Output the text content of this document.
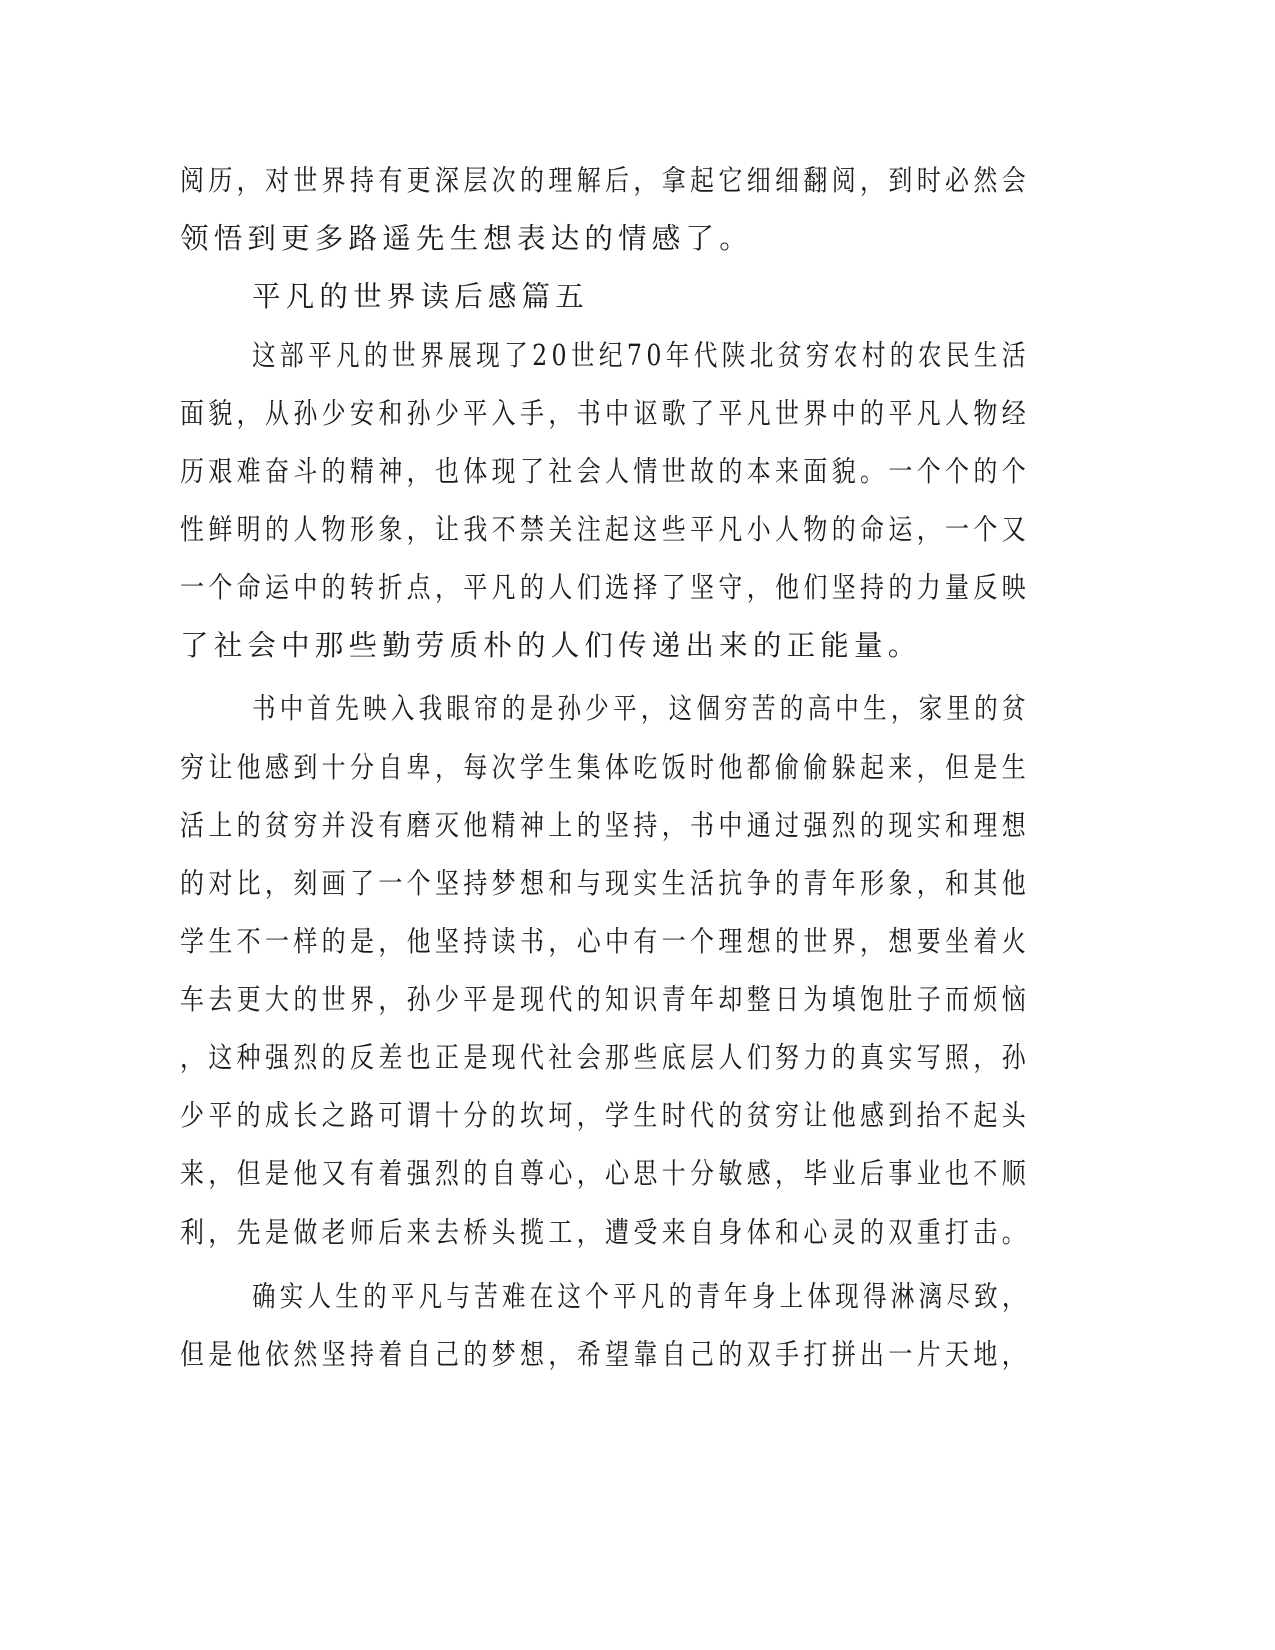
阅历，对世界持有更深层次的理解后，拿起它细细翻阅，到时必然会

领悟到更多路遥先生想表达的情感了。

平凡的世界读后感篇五

这部平凡的世界展现了20世纪70年代陕北贫穷农村的农民生活

面貌，从孙少安和孙少平入手，书中讴歌了平凡世界中的平凡人物经

历艰难奋斗的精神，也体现了社会人情世故的本来面貌。一个个的个

性鲜明的人物形象，让我不禁关注起这些平凡小人物的命运，一个又

一个命运中的转折点，平凡的人们选择了坚守，他们坚持的力量反映

了社会中那些勤劳质朴的人们传递出来的正能量。

书中首先映入我眼帘的是孙少平，这個穷苦的高中生，家里的贫

穷让他感到十分自卑，每次学生集体吃饭时他都偷偷躲起来，但是生

活上的贫穷并没有磨灭他精神上的坚持，书中通过强烈的现实和理想

的对比，刻画了一个坚持梦想和与现实生活抗争的青年形象，和其他

学生不一样的是，他坚持读书，心中有一个理想的世界，想要坐着火

车去更大的世界，孙少平是现代的知识青年却整日为填饱肚子而烦恼

，这种强烈的反差也正是现代社会那些底层人们努力的真实写照，孙

少平的成长之路可谓十分的坎坷，学生时代的贫穷让他感到抬不起头

来，但是他又有着强烈的自尊心，心思十分敏感，毕业后事业也不顺

利，先是做老师后来去桥头揽工，遭受来自身体和心灵的双重打击。

确实人生的平凡与苦难在这个平凡的青年身上体现得淋漓尽致，

但是他依然坚持着自己的梦想，希望靠自己的双手打拼出一片天地，
